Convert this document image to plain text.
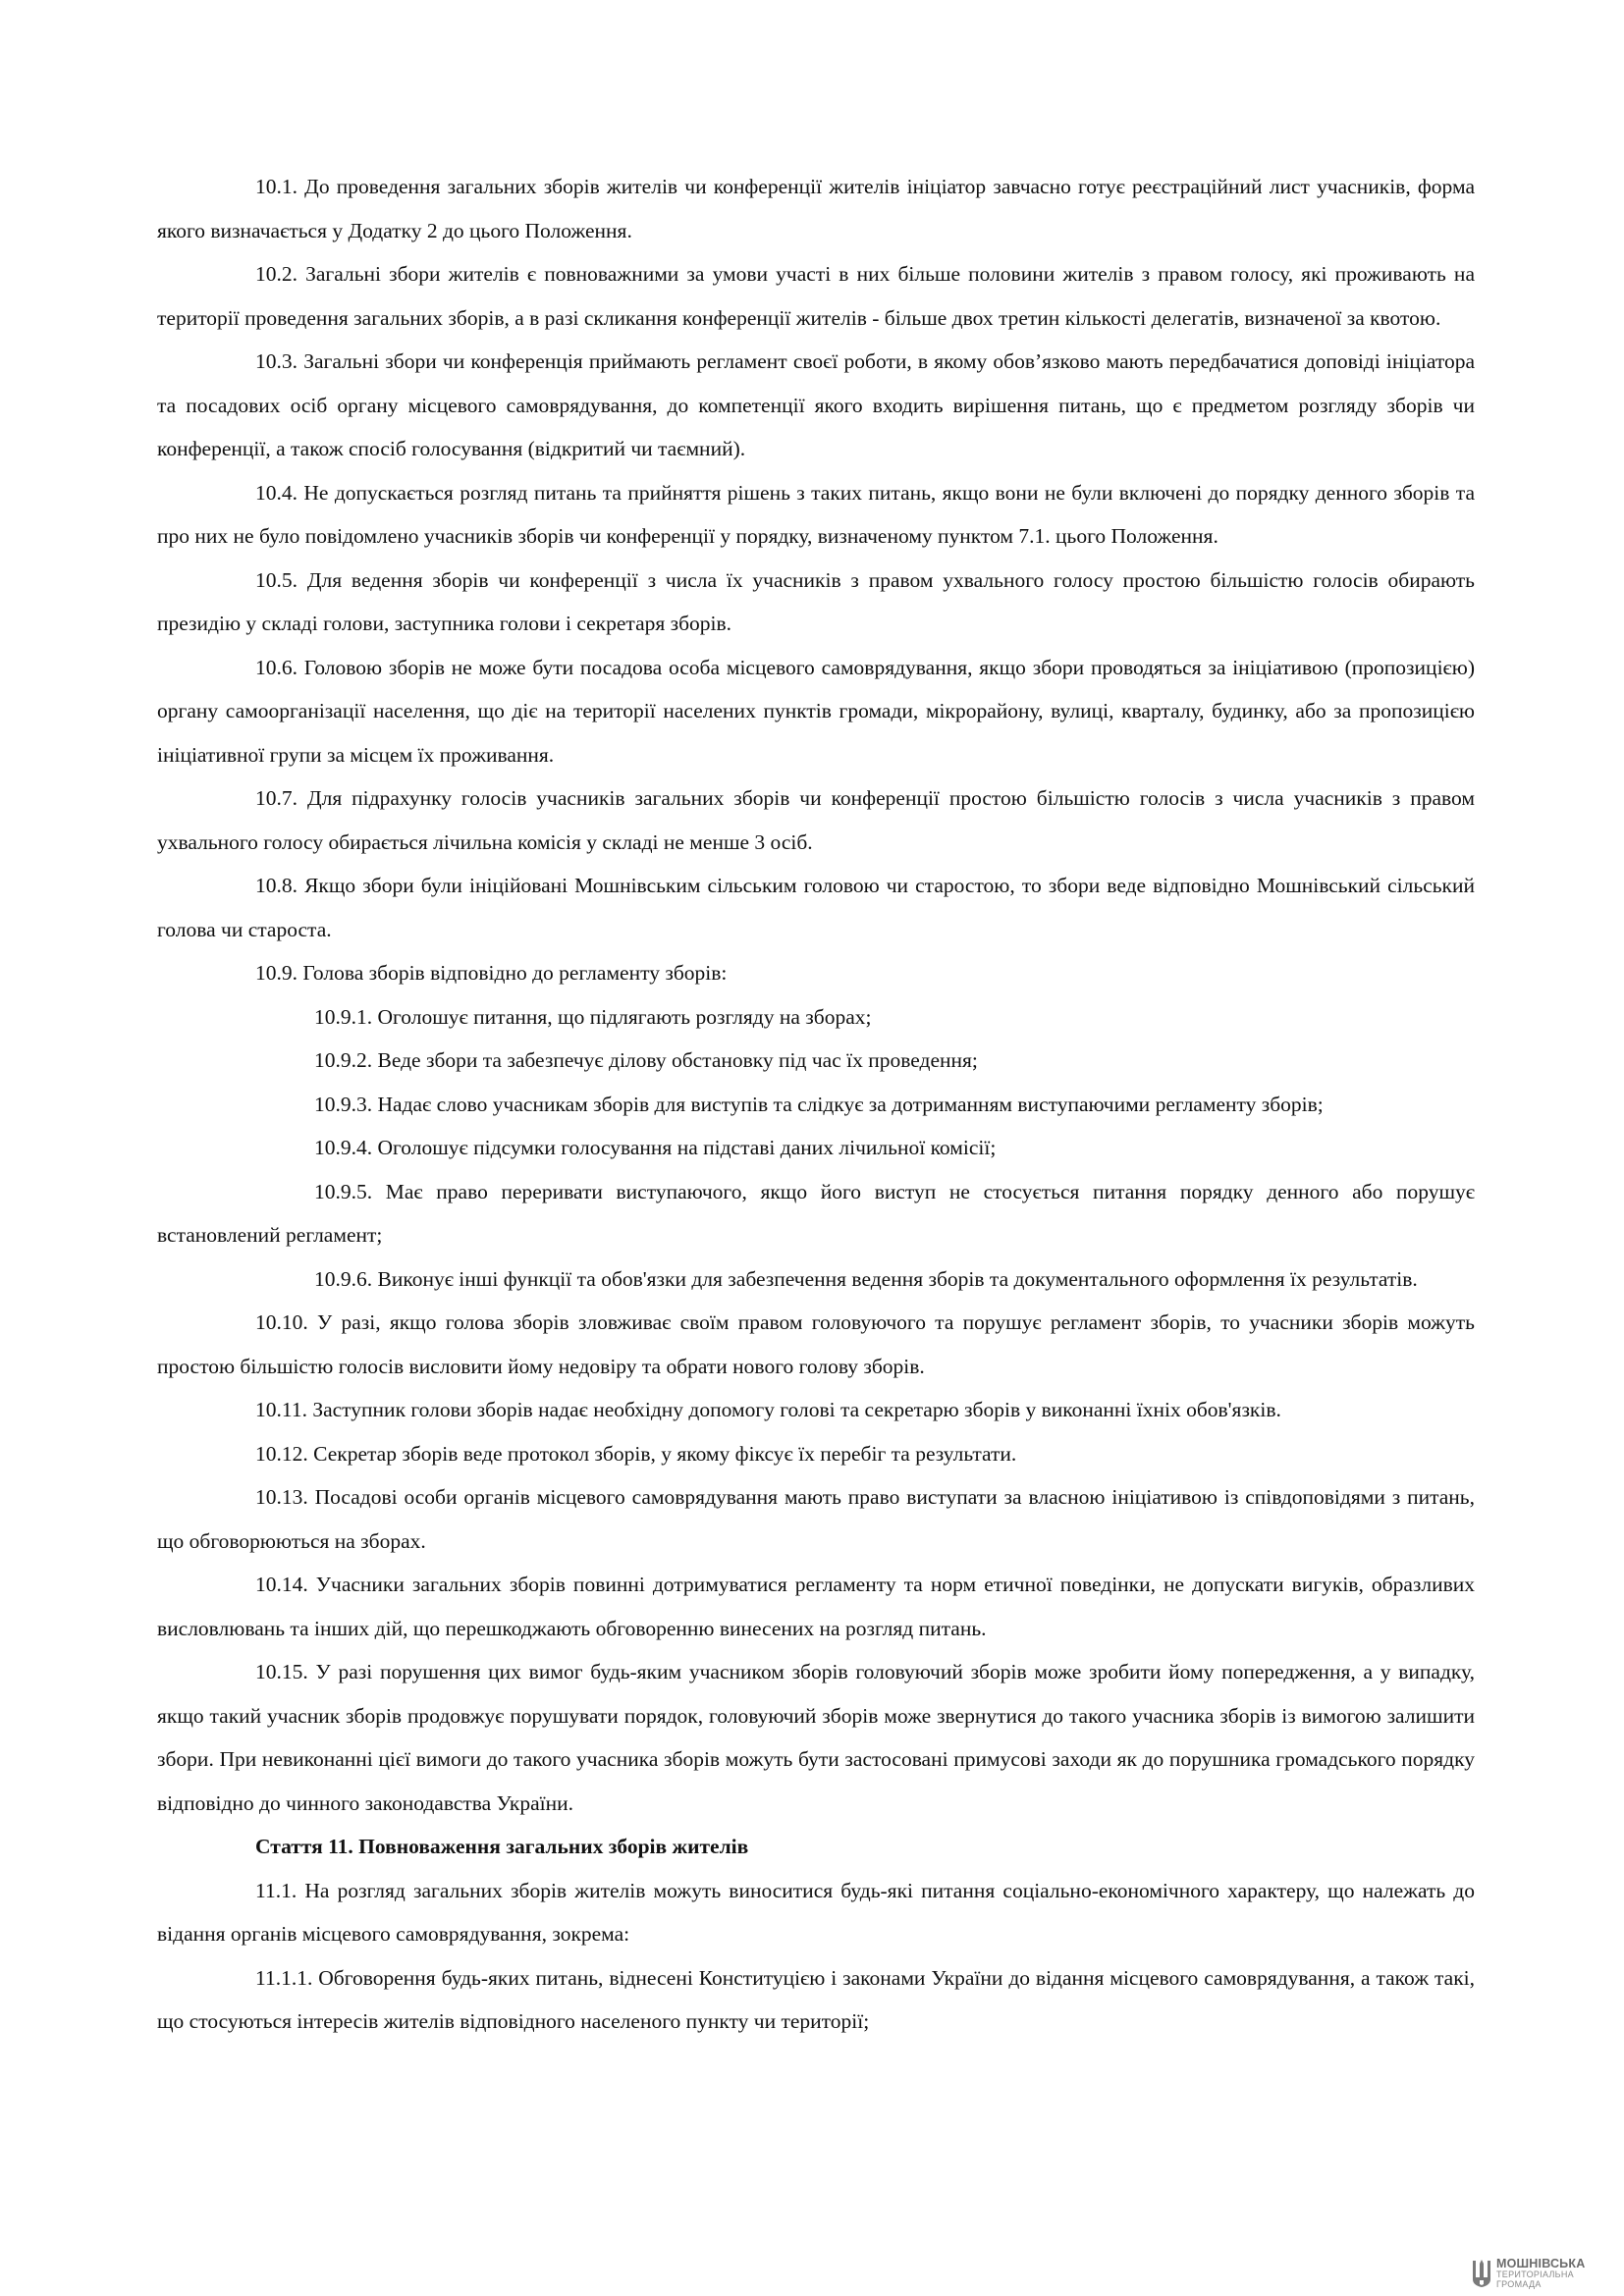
10.1. До проведення загальних зборів жителів чи конференції жителів ініціатор завчасно готує реєстраційний лист учасників, форма якого визначається у Додатку 2 до цього Положення.

10.2. Загальні збори жителів є повноважними за умови участі в них більше половини жителів з правом голосу, які проживають на території проведення загальних зборів, а в разі скликання конференції жителів - більше двох третин кількості делегатів, визначеної за квотою.

10.3. Загальні збори чи конференція приймають регламент своєї роботи, в якому обов’язково мають передбачатися доповіді ініціатора та посадових осіб органу місцевого самоврядування, до компетенції якого входить вирішення питань, що є предметом розгляду зборів чи конференції, а також спосіб голосування (відкритий чи таємний).

10.4. Не допускається розгляд питань та прийняття рішень з таких питань, якщо вони не були включені до порядку денного зборів та про них не було повідомлено учасників зборів чи конференції у порядку, визначеному пунктом 7.1. цього Положення.

10.5. Для ведення зборів чи конференції з числа їх учасників з правом ухвального голосу простою більшістю голосів обирають президію у складі голови, заступника голови і секретаря зборів.

10.6. Головою зборів не може бути посадова особа місцевого самоврядування, якщо збори проводяться за ініціативою (пропозицією) органу самоорганізації населення, що діє на території населених пунктів громади, мікрорайону, вулиці, кварталу, будинку, або за пропозицією ініціативної групи за місцем їх проживання.

10.7. Для підрахунку голосів учасників загальних зборів чи конференції простою більшістю голосів з числа учасників з правом ухвального голосу обирається лічильна комісія у складі не менше 3 осіб.

10.8. Якщо збори були ініційовані Мошнівським сільським головою чи старостою, то збори веде відповідно Мошнівський сільський голова чи староста.

10.9. Голова зборів відповідно до регламенту зборів:

10.9.1. Оголошує питання, що підлягають розгляду на зборах;

10.9.2. Веде збори та забезпечує ділову обстановку під час їх проведення;

10.9.3. Надає слово учасникам зборів для виступів та слідкує за дотриманням виступаючими регламенту зборів;

10.9.4. Оголошує підсумки голосування на підставі даних лічильної комісії;

10.9.5. Має право переривати виступаючого, якщо його виступ не стосується питання порядку денного або порушує встановлений регламент;

10.9.6. Виконує інші функції та обов'язки для забезпечення ведення зборів та документального оформлення їх результатів.

10.10. У разі, якщо голова зборів зловживає своїм правом головуючого та порушує регламент зборів, то учасники зборів можуть простою більшістю голосів висловити йому недовіру та обрати нового голову зборів.

10.11. Заступник голови зборів надає необхідну допомогу голові та секретарю зборів у виконанні їхніх обов'язків.

10.12. Секретар зборів веде протокол зборів, у якому фіксує їх перебіг та результати.

10.13. Посадові особи органів місцевого самоврядування мають право виступати за власною ініціативою із співдоповідями з питань, що обговорюються на зборах.

10.14. Учасники загальних зборів повинні дотримуватися регламенту та норм етичної поведінки, не допускати вигуків, образливих висловлювань та інших дій, що перешкоджають обговоренню винесених на розгляд питань.

10.15. У разі порушення цих вимог будь-яким учасником зборів головуючий зборів може зробити йому попередження, а у випадку, якщо такий учасник зборів продовжує порушувати порядок, головуючий зборів може звернутися до такого учасника зборів із вимогою залишити збори. При невиконанні цієї вимоги до такого учасника зборів можуть бути застосовані примусові заходи як до порушника громадського порядку відповідно до чинного законодавства України.

Стаття 11. Повноваження загальних зборів жителів

11.1. На розгляд загальних зборів жителів можуть виноситися будь-які питання соціально-економічного характеру, що належать до відання органів місцевого самоврядування, зокрема:

11.1.1. Обговорення будь-яких питань, віднесені Конституцією і законами України до відання місцевого самоврядування, а також такі, що стосуються інтересів жителів відповідного населеного пункту чи території;

МОШНІВСЬКА
ТЕРИТОРІАЛЬНА
ГРОМАДА
